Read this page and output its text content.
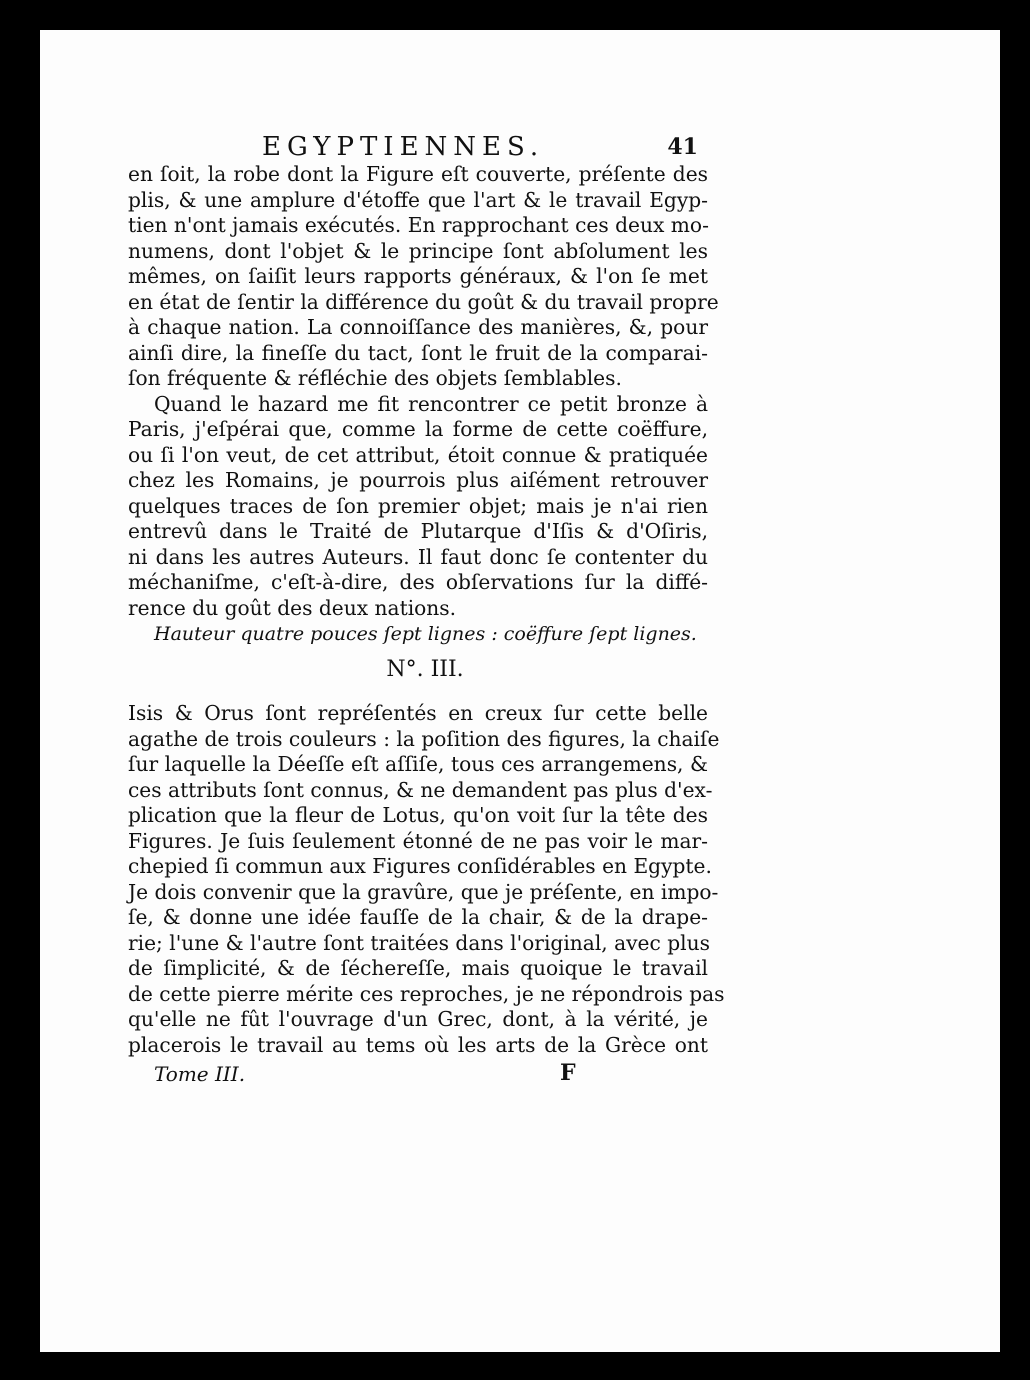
EGYPTIENNES.	41

en ſoit, la robe dont la Figure eſt couverte, préſente des
plis, & une amplure d'étoffe que l'art & le travail Egyp-
tien n'ont jamais exécutés. En rapprochant ces deux mo-
numens, dont l'objet & le principe ſont abſolument les
mêmes, on ſaiſit leurs rapports généraux, & l'on ſe met
en état de ſentir la différence du goût & du travail propre
à chaque nation. La connoiſſance des manières, &, pour
ainſi dire, la fineſſe du tact, ſont le fruit de la comparai-
ſon fréquente & réfléchie des objets ſemblables.

Quand le hazard me fit rencontrer ce petit bronze à
Paris, j'eſpérai que, comme la forme de cette coëffure,
ou ſi l'on veut, de cet attribut, étoit connue & pratiquée
chez les Romains, je pourrois plus aiſément retrouver
quelques traces de ſon premier objet; mais je n'ai rien
entrevû dans le Traité de Plutarque d'Iſis & d'Oſiris,
ni dans les autres Auteurs. Il faut donc ſe contenter du
méchaniſme, c'eſt-à-dire, des obſervations ſur la diffé-
rence du goût des deux nations.

Hauteur quatre pouces ſept lignes : coëffure ſept lignes.

N°. III.

Isis & Orus ſont repréſentés en creux ſur cette belle
agathe de trois couleurs : la poſition des figures, la chaiſe
ſur laquelle la Déeſſe eſt aſſiſe, tous ces arrangemens, &
ces attributs ſont connus, & ne demandent pas plus d'ex-
plication que la fleur de Lotus, qu'on voit ſur la tête des
Figures. Je ſuis ſeulement étonné de ne pas voir le mar-
chepied ſi commun aux Figures conſidérables en Egypte.
Je dois convenir que la gravûre, que je préſente, en impo-
ſe, & donne une idée fauſſe de la chair, & de la drape-
rie; l'une & l'autre ſont traitées dans l'original, avec plus
de ſimplicité, & de ſéchereſſe, mais quoique le travail
de cette pierre mérite ces reproches, je ne répondrois pas
qu'elle ne fût l'ouvrage d'un Grec, dont, à la vérité, je
placerois le travail au tems où les arts de la Grèce ont

Tome III.	F
